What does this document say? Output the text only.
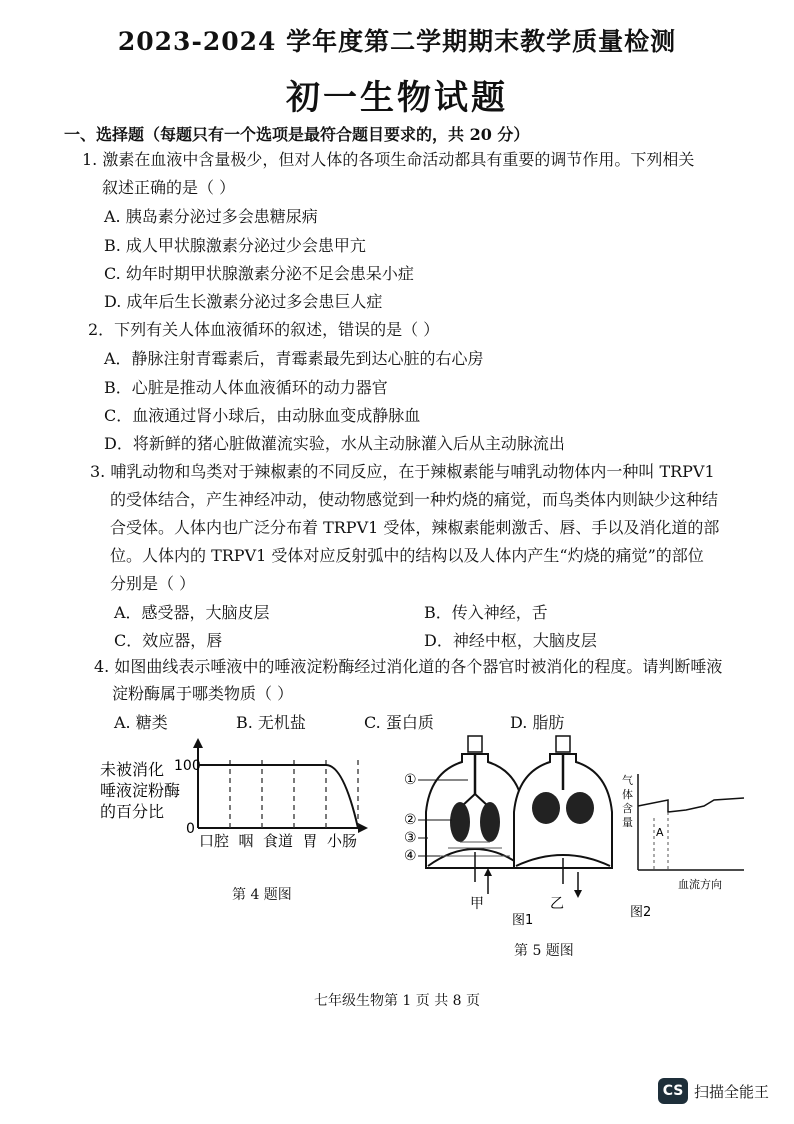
2023-2024 学年度第二学期期末教学质量检测
初一生物试题
一、选择题（每题只有一个选项是最符合题目要求的，共 20 分）
1. 激素在血液中含量极少，但对人体的各项生命活动都具有重要的调节作用。下列相关
叙述正确的是（ ）
A. 胰岛素分泌过多会患糖尿病
B. 成人甲状腺激素分泌过少会患甲亢
C. 幼年时期甲状腺激素分泌不足会患呆小症
D. 成年后生长激素分泌过多会患巨人症
2．下列有关人体血液循环的叙述，错误的是（ ）
A．静脉注射青霉素后，青霉素最先到达心脏的右心房
B．心脏是推动人体血液循环的动力器官
C．血液通过肾小球后，由动脉血变成静脉血
D．将新鲜的猪心脏做灌流实验，水从主动脉灌入后从主动脉流出
3. 哺乳动物和鸟类对于辣椒素的不同反应，在于辣椒素能与哺乳动物体内一种叫 TRPV1
的受体结合，产生神经冲动，使动物感觉到一种灼烧的痛觉，而鸟类体内则缺少这种结
合受体。人体内也广泛分布着 TRPV1 受体，辣椒素能刺激舌、唇、手以及消化道的部
位。人体内的 TRPV1 受体对应反射弧中的结构以及人体内产生“灼烧的痛觉”的部位
分别是（ ）
A．感受器，大脑皮层	B．传入神经，舌
C．效应器，唇	D．神经中枢，大脑皮层
4. 如图曲线表示唾液中的唾液淀粉酶经过消化道的各个器官时被消化的程度。请判断唾液
淀粉酶属于哪类物质（ ）
A. 糖类	B. 无机盐	C. 蛋白质	D. 脂肪
未被消化
唾液淀粉酶
的百分比
100
0
口腔 咽 食道 胃 小肠
第 4 题图
①
②
③
④
甲	乙
图1
气
体
含
量
A
血流方向
图2
第 5 题图
七年级生物第 1 页 共 8 页
CS 扫描全能王
